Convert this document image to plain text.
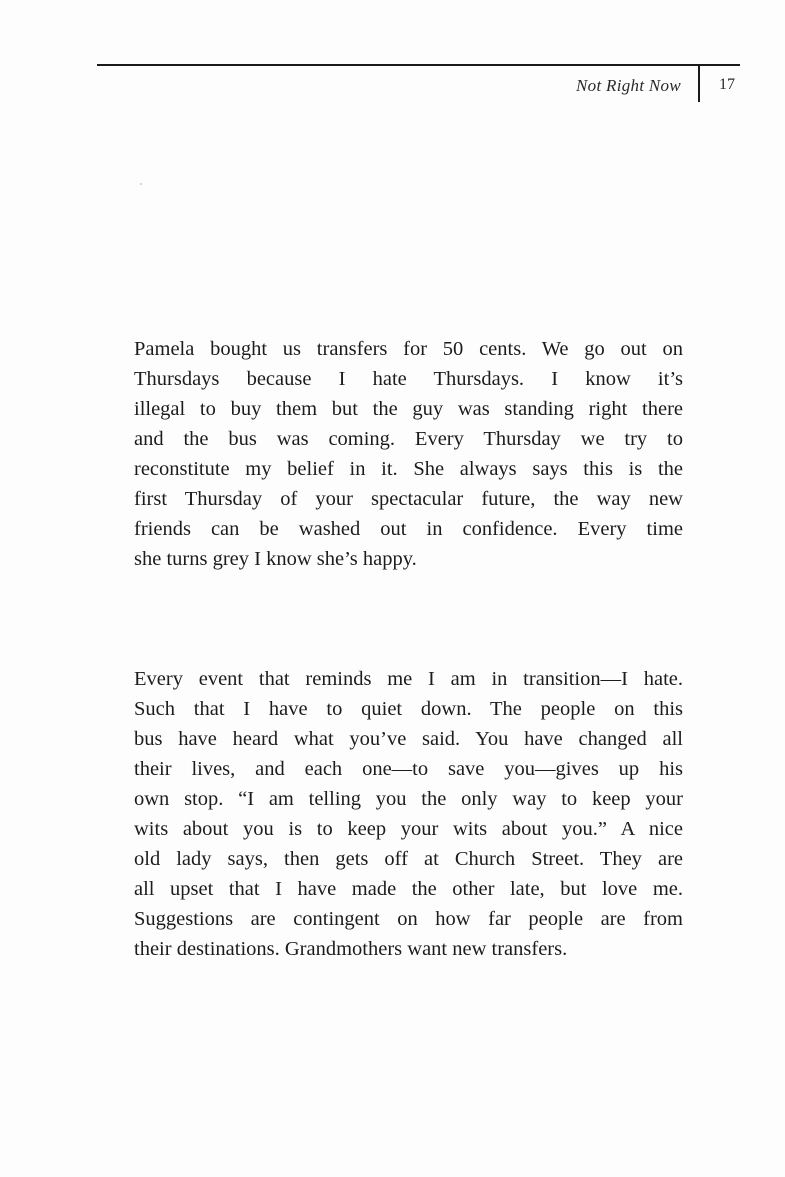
Not Right Now 17

Pamela bought us transfers for 50 cents. We go out on
Thursdays because I hate Thursdays. I know it’s
illegal to buy them but the guy was standing right there
and the bus was coming. Every Thursday we try to
reconstitute my belief in it. She always says this is the
first Thursday of your spectacular future, the way new
friends can be washed out in confidence. Every time
she turns grey I know she’s happy.

Every event that reminds me I am in transition—I hate.
Such that I have to quiet down. The people on this
bus have heard what you’ve said. You have changed all
their lives, and each one—to save you—gives up his
own stop. “I am telling you the only way to keep your
wits about you is to keep your wits about you.” A nice
old lady says, then gets off at Church Street. They are
all upset that I have made the other late, but love me.
Suggestions are contingent on how far people are from
their destinations. Grandmothers want new transfers.
